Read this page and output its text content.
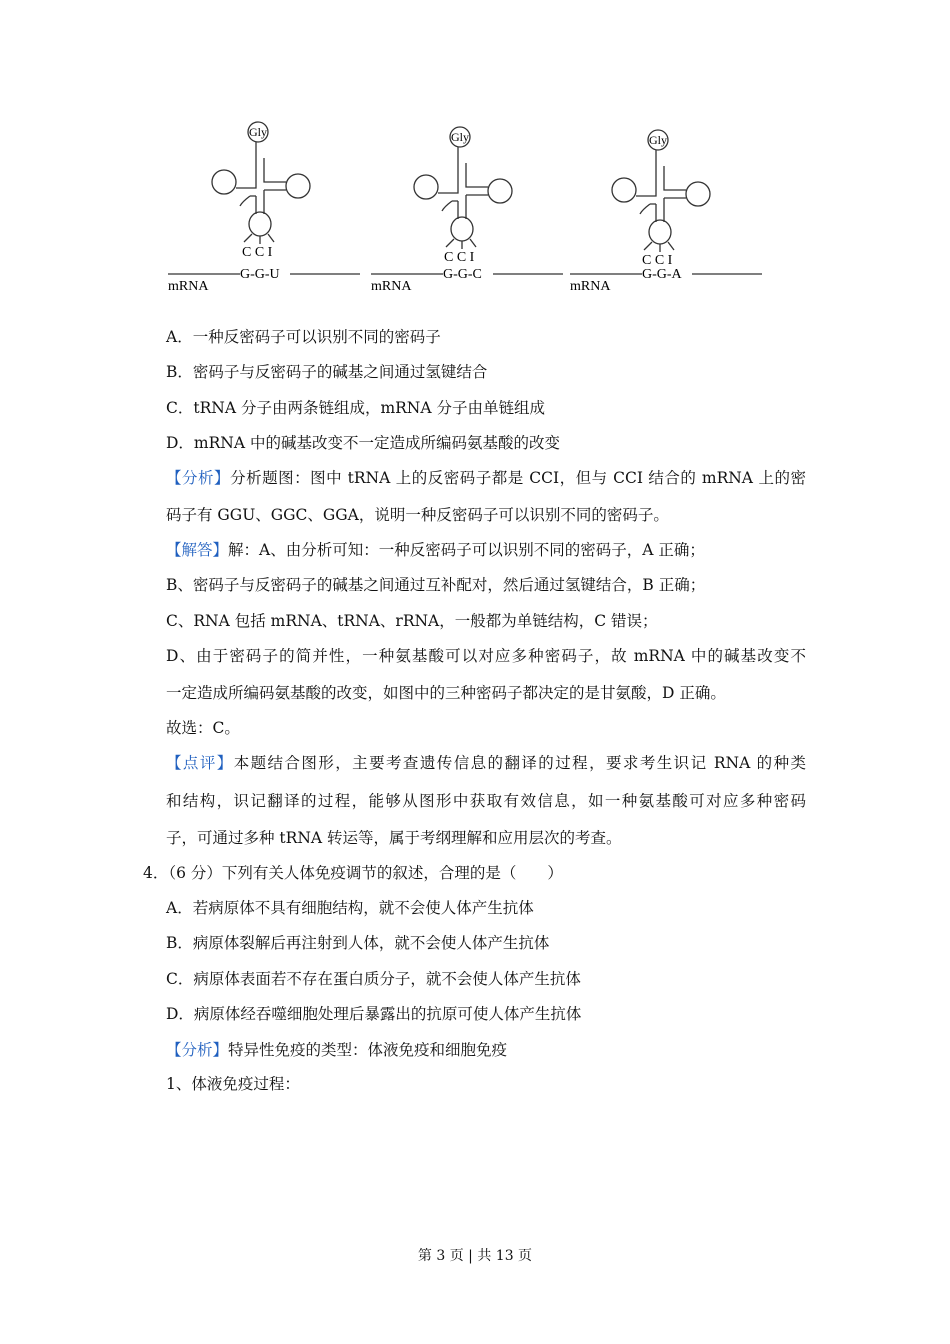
mRNA
G-G-U
C C I
Gly
mRNA
G-G-C
C C I
Gly
mRNA
G-G-A
C C I
Gly
A．一种反密码子可以识别不同的密码子
B．密码子与反密码子的碱基之间通过氢键结合
C．tRNA 分子由两条链组成，mRNA 分子由单链组成
D．mRNA 中的碱基改变不一定造成所编码氨基酸的改变
【分析】分析题图：图中 tRNA 上的反密码子都是 CCI，但与 CCI 结合的 mRNA 上的密
码子有 GGU、GGC、GGA，说明一种反密码子可以识别不同的密码子。
【解答】解：A、由分析可知：一种反密码子可以识别不同的密码子，A 正确；
B、密码子与反密码子的碱基之间通过互补配对，然后通过氢键结合，B 正确；
C、RNA 包括 mRNA、tRNA、rRNA，一般都为单链结构，C 错误；
D、由于密码子的简并性，一种氨基酸可以对应多种密码子，故 mRNA 中的碱基改变不
一定造成所编码氨基酸的改变，如图中的三种密码子都决定的是甘氨酸，D 正确。
故选：C。
【点评】本题结合图形，主要考查遗传信息的翻译的过程，要求考生识记 RNA 的种类
和结构，识记翻译的过程，能够从图形中获取有效信息，如一种氨基酸可对应多种密码
子，可通过多种 tRNA 转运等，属于考纲理解和应用层次的考查。
4．（6 分）下列有关人体免疫调节的叙述，合理的是（　　）
A．若病原体不具有细胞结构，就不会使人体产生抗体
B．病原体裂解后再注射到人体，就不会使人体产生抗体
C．病原体表面若不存在蛋白质分子，就不会使人体产生抗体
D．病原体经吞噬细胞处理后暴露出的抗原可使人体产生抗体
【分析】特异性免疫的类型：体液免疫和细胞免疫
1、体液免疫过程：
第 3 页 | 共 13 页
